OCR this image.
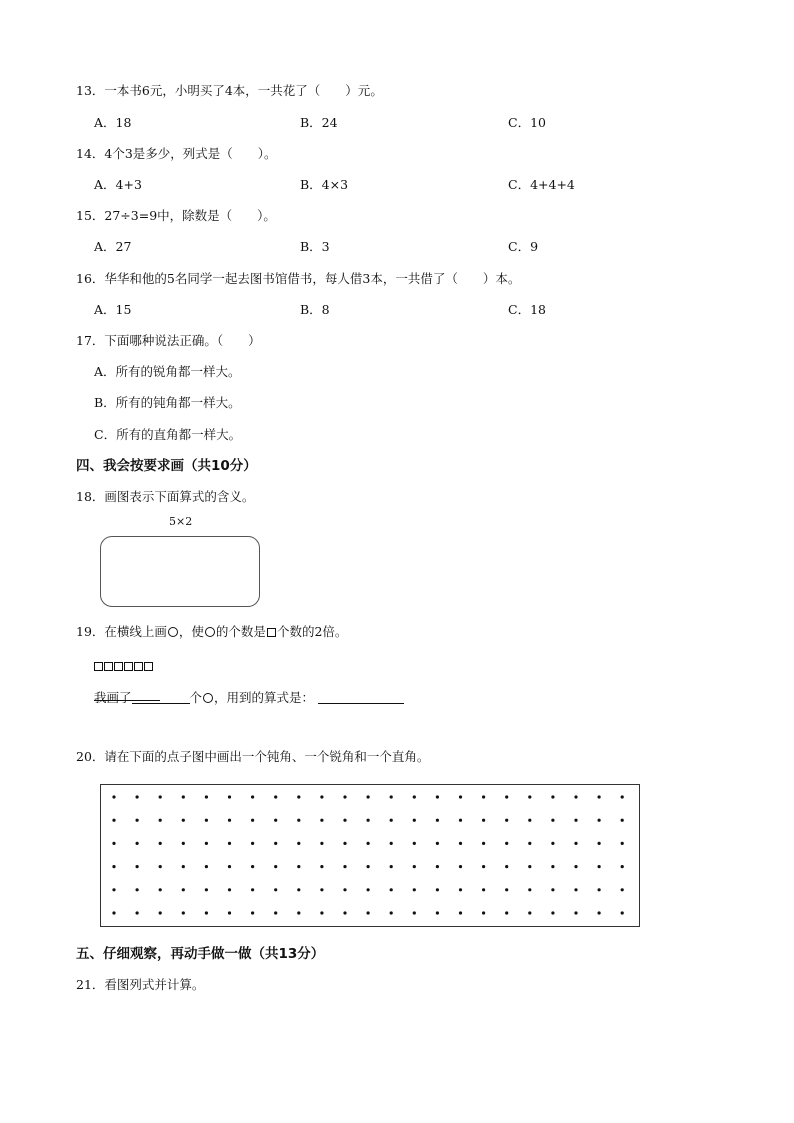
13．一本书6元，小明买了4本，一共花了（　　）元。
A．18	B．24	C．10
14．4个3是多少，列式是（　　）。
A．4+3	B．4×3	C．4+4+4
15．27÷3=9中，除数是（　　）。
A．27	B．3	C．9
16．华华和他的5名同学一起去图书馆借书，每人借3本，一共借了（　　）本。
A．15	B．8	C．18
17．下面哪种说法正确。（　　）
A．所有的锐角都一样大。
B．所有的钝角都一样大。
C．所有的直角都一样大。
四、我会按要求画（共10分）
18．画图表示下面算式的含义。
5×2
19．在横线上画 ，使 的个数是 个数的2倍。
我画了	个 ，用到的算式是：
20．请在下面的点子图中画出一个钝角、一个锐角和一个直角。
五、仔细观察，再动手做一做（共13分）
21．看图列式并计算。
